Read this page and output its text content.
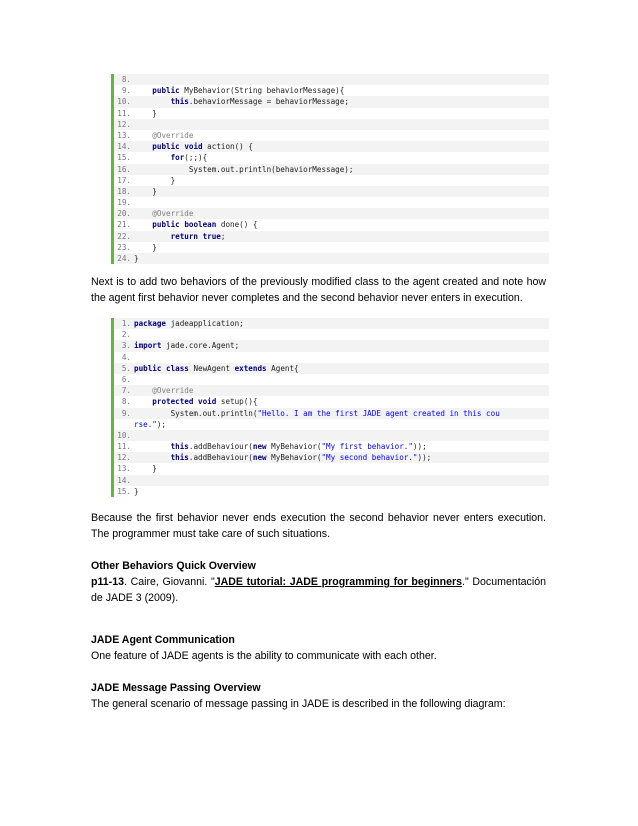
8.
9.	public MyBehavior(String behaviorMessage){
10.	this.behaviorMessage = behaviorMessage;
11.    }
12.
13.	@Override
14.	public void action() {
15.	for(;;){
16.            System.out.println(behaviorMessage);
17.        }
18.    }
19.
20.	@Override
21.	public boolean done() {
22.	return true;
23.    }
24. }

Next is to add two behaviors of the previously modified class to the agent created and note how the agent first behavior never completes and the second behavior never enters in execution.

1. package jadeapplication;
2.
3. import jade.core.Agent;
4.
5. public class NewAgent extends Agent{
6.
7.	@Override
8.	protected void setup(){
9.        System.out.println("Hello. I am the first JADE agent created in this cou
rse.");
10.
11.	this.addBehaviour(new MyBehavior("My first behavior."));
12.	this.addBehaviour(new MyBehavior("My second behavior."));
13.    }
14.
15. }

Because the first behavior never ends execution the second behavior never enters execution. The programmer must take care of such situations.

Other Behaviors Quick Overview

p11-13. Caire, Giovanni. "JADE tutorial: JADE programming for beginners." Documentación de JADE 3 (2009).

JADE Agent Communication

One feature of JADE agents is the ability to communicate with each other.

JADE Message Passing Overview

The general scenario of message passing in JADE is described in the following diagram:
